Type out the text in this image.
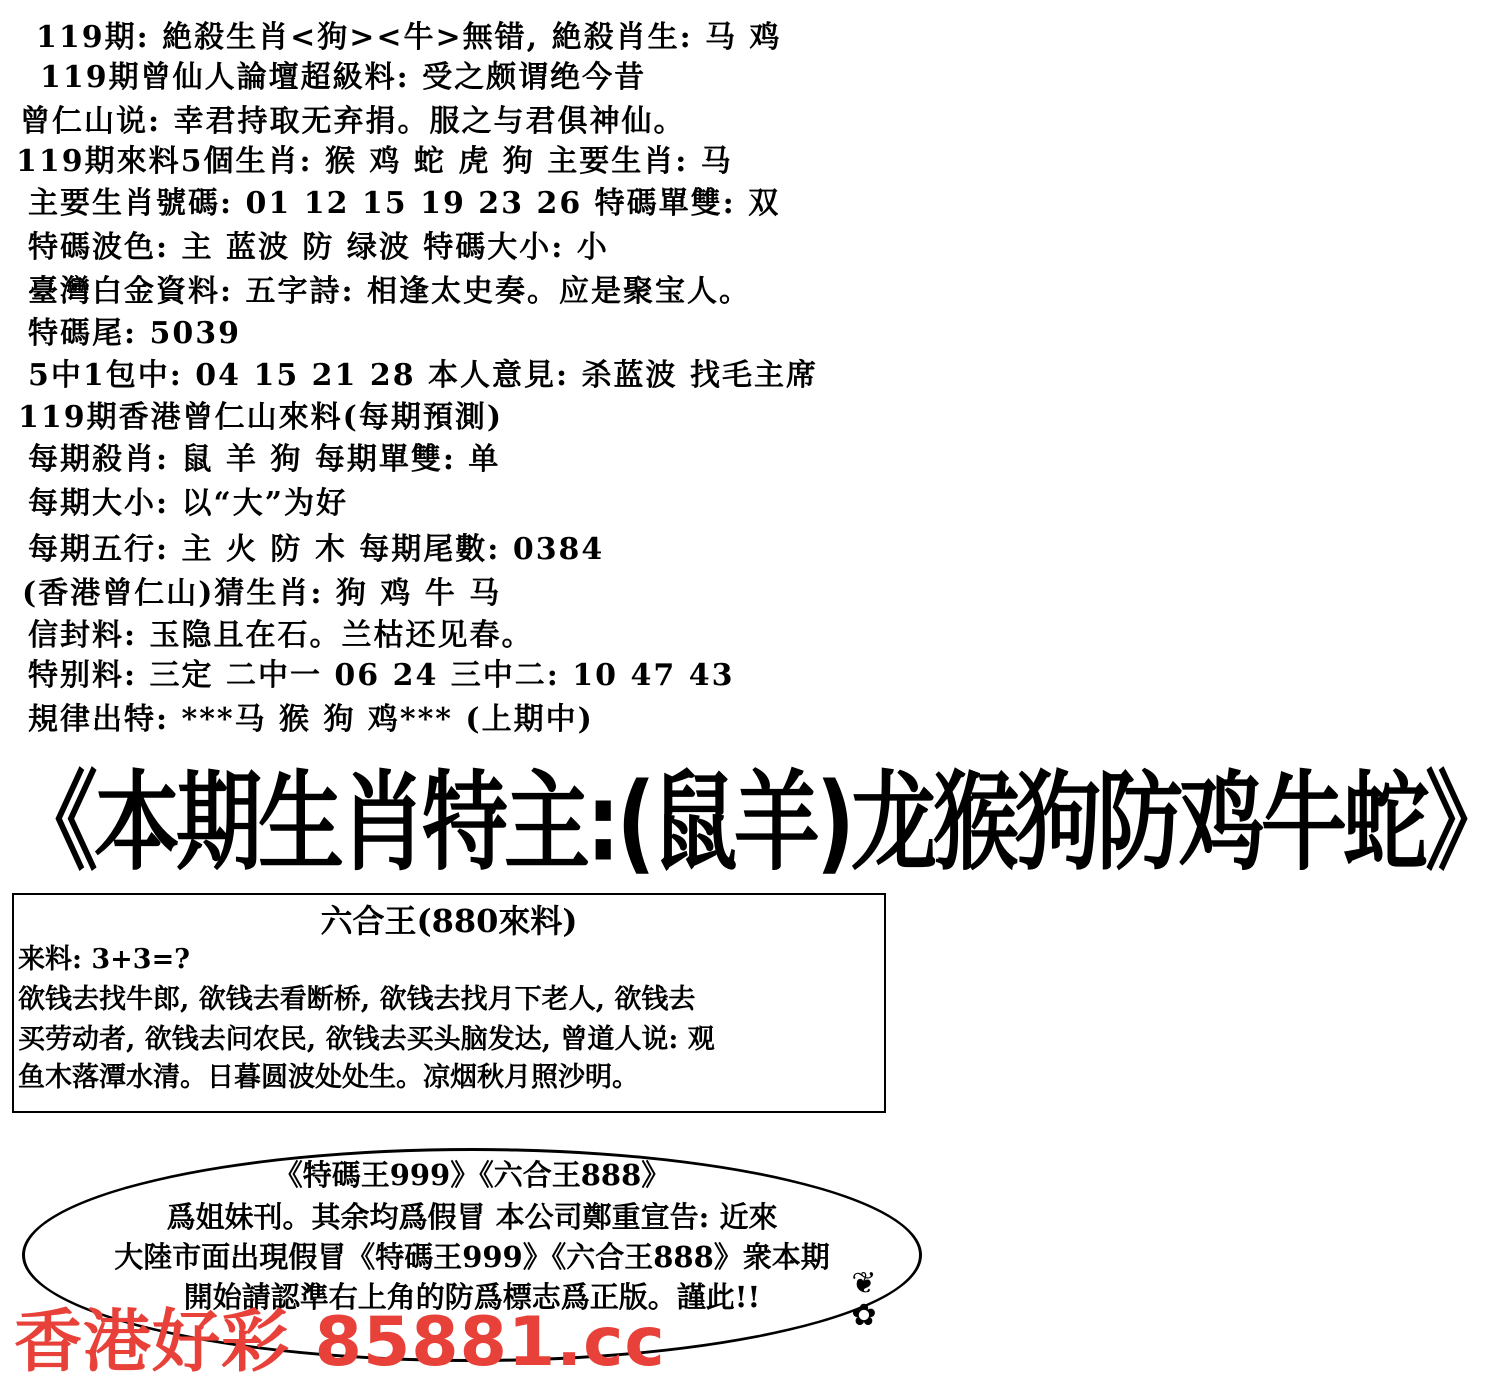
119期: 絶殺生肖<狗><牛>無错, 絶殺肖生: 马 鸡
119期曾仙人論壇超級料: 受之颇谓绝今昔
曾仁山说: 幸君持取无弃捐。服之与君俱神仙。
119期來料5個生肖: 猴 鸡 蛇 虎 狗 主要生肖: 马
主要生肖號碼: 01 12 15 19 23 26 特碼單雙: 双
特碼波色: 主 蓝波 防 绿波 特碼大小: 小
臺灣白金資料: 五字詩: 相逢太史奏。应是聚宝人。
特碼尾: 5039
5中1包中: 04 15 21 28 本人意見: 杀蓝波 找毛主席
119期香港曾仁山來料(每期預測)
每期殺肖: 鼠 羊 狗 每期單雙: 单
每期大小: 以“大”为好
每期五行: 主 火 防 木 每期尾數: 0384
(香港曾仁山)猜生肖: 狗 鸡 牛 马
信封料: 玉隐且在石。兰枯还见春。
特别料: 三定 二中一 06 24 三中二: 10 47 43
規律出特: ***马 猴 狗 鸡*** (上期中)
《本期生肖特主:(鼠羊)龙猴狗防鸡牛蛇》
六合王(880來料)
来料: 3+3=?
欲钱去找牛郎, 欲钱去看断桥, 欲钱去找月下老人, 欲钱去
买劳动者, 欲钱去问农民, 欲钱去买头脑发达, 曾道人说: 观
鱼木落潭水清。日暮圆波处处生。凉烟秋月照沙明。
《特碼王999》《六合王888》
爲姐妹刊。其余均爲假冒 本公司鄭重宣告: 近來
大陸市面出現假冒《特碼王999》《六合王888》衆本期
開始請認準右上角的防爲標志爲正版。謹此!!	❦
✿
香港好彩 85881.cc
